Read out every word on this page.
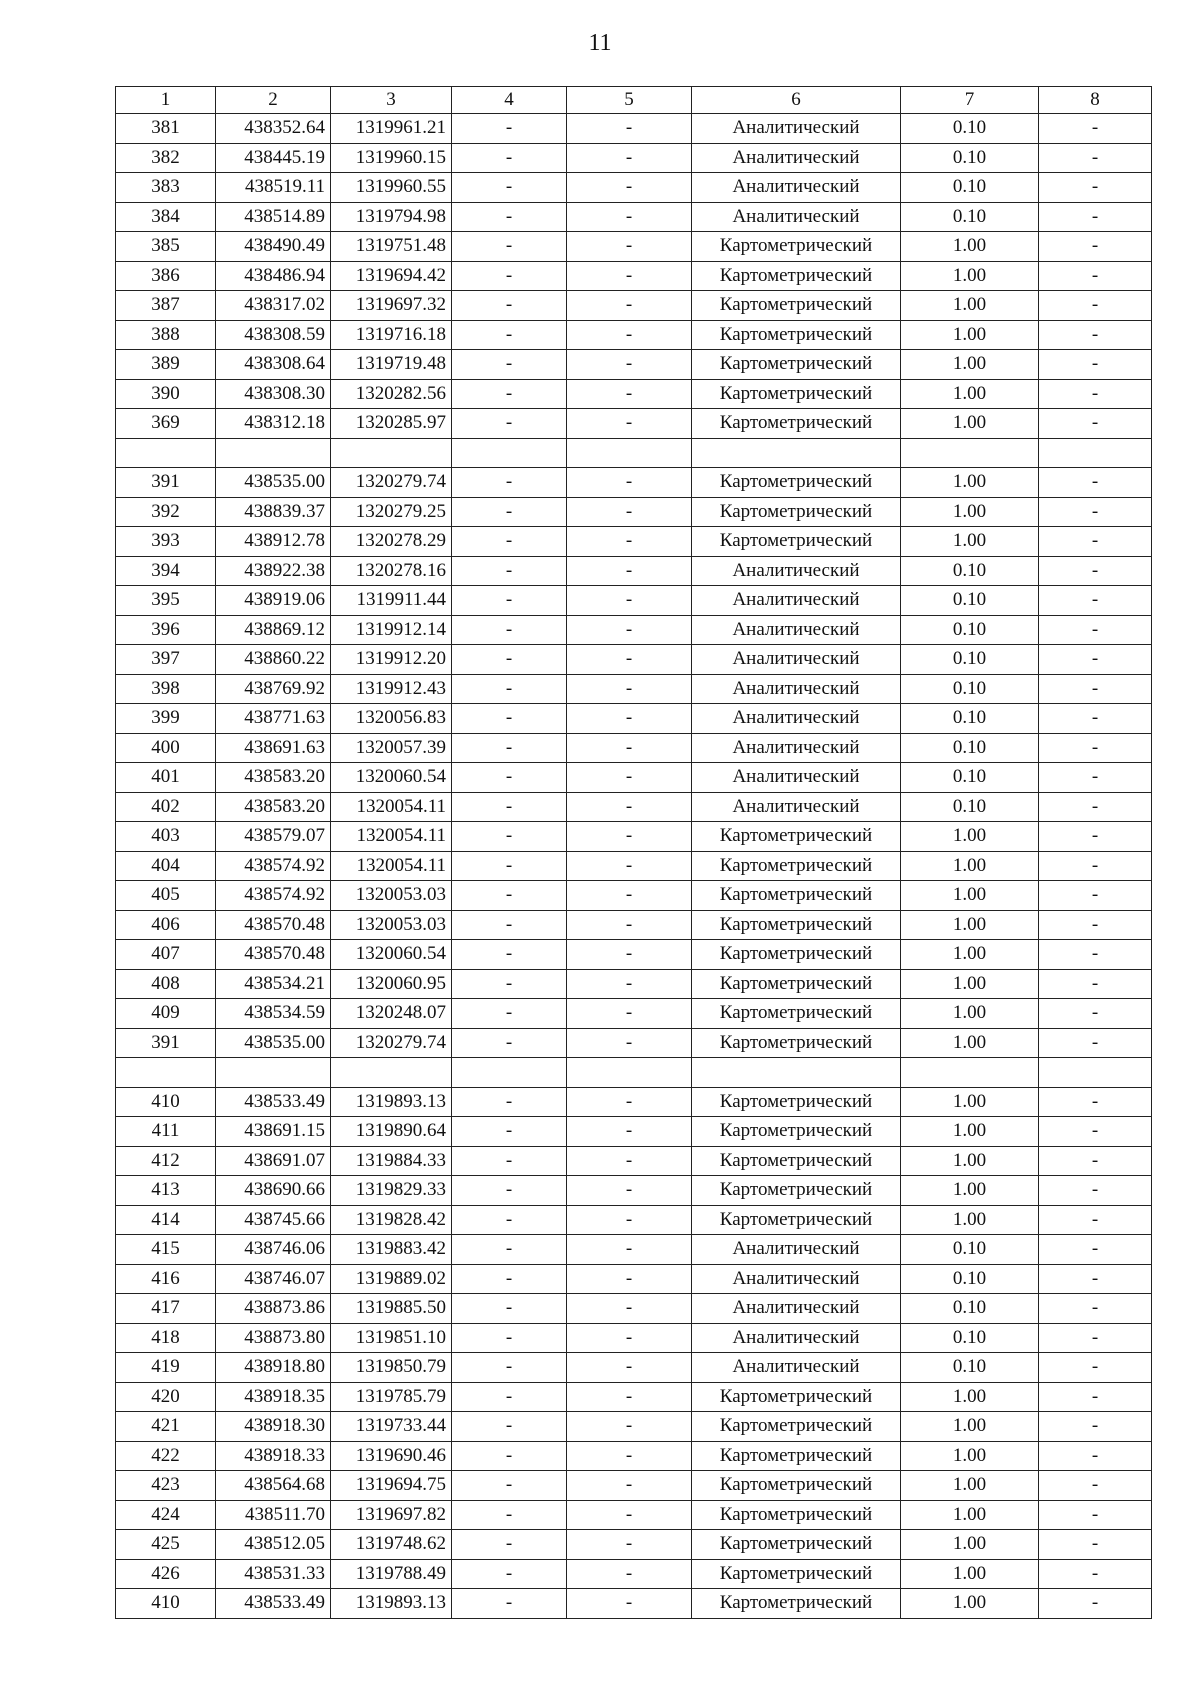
11
1	2	3	4	5	6	7	8
381	438352.64	1319961.21	-	-	Аналитический	0.10	-
382	438445.19	1319960.15	-	-	Аналитический	0.10	-
383	438519.11	1319960.55	-	-	Аналитический	0.10	-
384	438514.89	1319794.98	-	-	Аналитический	0.10	-
385	438490.49	1319751.48	-	-	Картометрический	1.00	-
386	438486.94	1319694.42	-	-	Картометрический	1.00	-
387	438317.02	1319697.32	-	-	Картометрический	1.00	-
388	438308.59	1319716.18	-	-	Картометрический	1.00	-
389	438308.64	1319719.48	-	-	Картометрический	1.00	-
390	438308.30	1320282.56	-	-	Картометрический	1.00	-
369	438312.18	1320285.97	-	-	Картометрический	1.00	-

391	438535.00	1320279.74	-	-	Картометрический	1.00	-
392	438839.37	1320279.25	-	-	Картометрический	1.00	-
393	438912.78	1320278.29	-	-	Картометрический	1.00	-
394	438922.38	1320278.16	-	-	Аналитический	0.10	-
395	438919.06	1319911.44	-	-	Аналитический	0.10	-
396	438869.12	1319912.14	-	-	Аналитический	0.10	-
397	438860.22	1319912.20	-	-	Аналитический	0.10	-
398	438769.92	1319912.43	-	-	Аналитический	0.10	-
399	438771.63	1320056.83	-	-	Аналитический	0.10	-
400	438691.63	1320057.39	-	-	Аналитический	0.10	-
401	438583.20	1320060.54	-	-	Аналитический	0.10	-
402	438583.20	1320054.11	-	-	Аналитический	0.10	-
403	438579.07	1320054.11	-	-	Картометрический	1.00	-
404	438574.92	1320054.11	-	-	Картометрический	1.00	-
405	438574.92	1320053.03	-	-	Картометрический	1.00	-
406	438570.48	1320053.03	-	-	Картометрический	1.00	-
407	438570.48	1320060.54	-	-	Картометрический	1.00	-
408	438534.21	1320060.95	-	-	Картометрический	1.00	-
409	438534.59	1320248.07	-	-	Картометрический	1.00	-
391	438535.00	1320279.74	-	-	Картометрический	1.00	-

410	438533.49	1319893.13	-	-	Картометрический	1.00	-
411	438691.15	1319890.64	-	-	Картометрический	1.00	-
412	438691.07	1319884.33	-	-	Картометрический	1.00	-
413	438690.66	1319829.33	-	-	Картометрический	1.00	-
414	438745.66	1319828.42	-	-	Картометрический	1.00	-
415	438746.06	1319883.42	-	-	Аналитический	0.10	-
416	438746.07	1319889.02	-	-	Аналитический	0.10	-
417	438873.86	1319885.50	-	-	Аналитический	0.10	-
418	438873.80	1319851.10	-	-	Аналитический	0.10	-
419	438918.80	1319850.79	-	-	Аналитический	0.10	-
420	438918.35	1319785.79	-	-	Картометрический	1.00	-
421	438918.30	1319733.44	-	-	Картометрический	1.00	-
422	438918.33	1319690.46	-	-	Картометрический	1.00	-
423	438564.68	1319694.75	-	-	Картометрический	1.00	-
424	438511.70	1319697.82	-	-	Картометрический	1.00	-
425	438512.05	1319748.62	-	-	Картометрический	1.00	-
426	438531.33	1319788.49	-	-	Картометрический	1.00	-
410	438533.49	1319893.13	-	-	Картометрический	1.00	-
